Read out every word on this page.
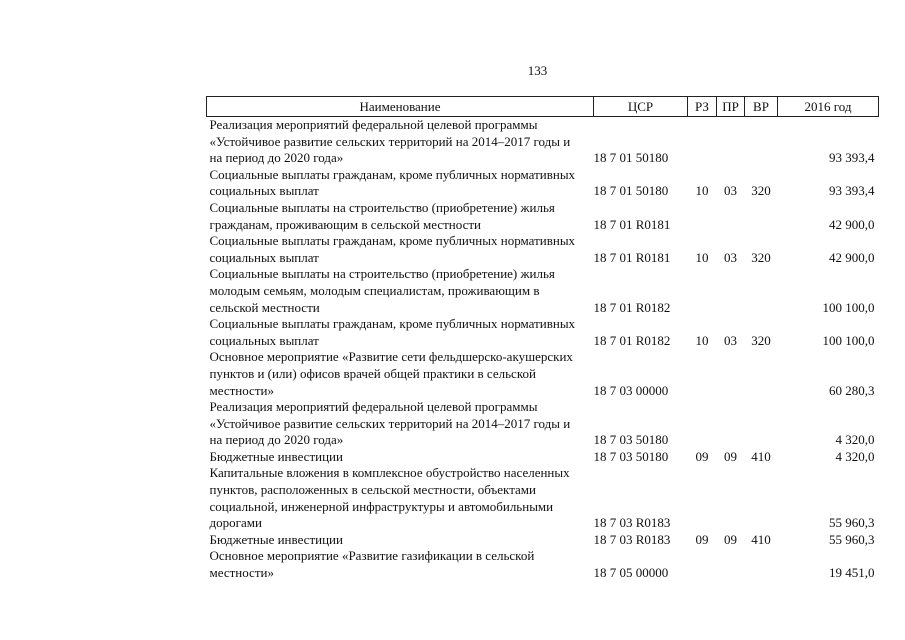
133
Наименование	ЦСР	РЗ	ПР	ВР	2016 год
Реализация мероприятий федеральной целевой программы «Устойчивое развитие сельских территорий на 2014–2017 годы и на период до 2020 года»	18 7 01 50180				93 393,4
Социальные выплаты гражданам, кроме публичных нормативных социальных выплат	18 7 01 50180	10	03	320	93 393,4
Социальные выплаты на строительство (приобретение) жилья гражданам, проживающим в сельской местности	18 7 01 R0181				42 900,0
Социальные выплаты гражданам, кроме публичных нормативных социальных выплат	18 7 01 R0181	10	03	320	42 900,0
Социальные выплаты на строительство (приобретение) жилья молодым семьям, молодым специалистам, проживающим в сельской местности	18 7 01 R0182				100 100,0
Социальные выплаты гражданам, кроме публичных нормативных социальных выплат	18 7 01 R0182	10	03	320	100 100,0
Основное мероприятие «Развитие сети фельдшерско-акушерских пунктов и (или) офисов врачей общей практики в сельской местности»	18 7 03 00000				60 280,3
Реализация мероприятий федеральной целевой программы «Устойчивое развитие сельских территорий на 2014–2017 годы и на период до 2020 года»	18 7 03 50180				4 320,0
Бюджетные инвестиции	18 7 03 50180	09	09	410	4 320,0
Капитальные вложения в комплексное обустройство населенных пунктов, расположенных в сельской местности, объектами социальной, инженерной инфраструктуры и автомобильными дорогами	18 7 03 R0183				55 960,3
Бюджетные инвестиции	18 7 03 R0183	09	09	410	55 960,3
Основное мероприятие «Развитие газификации в сельской местности»	18 7 05 00000				19 451,0
